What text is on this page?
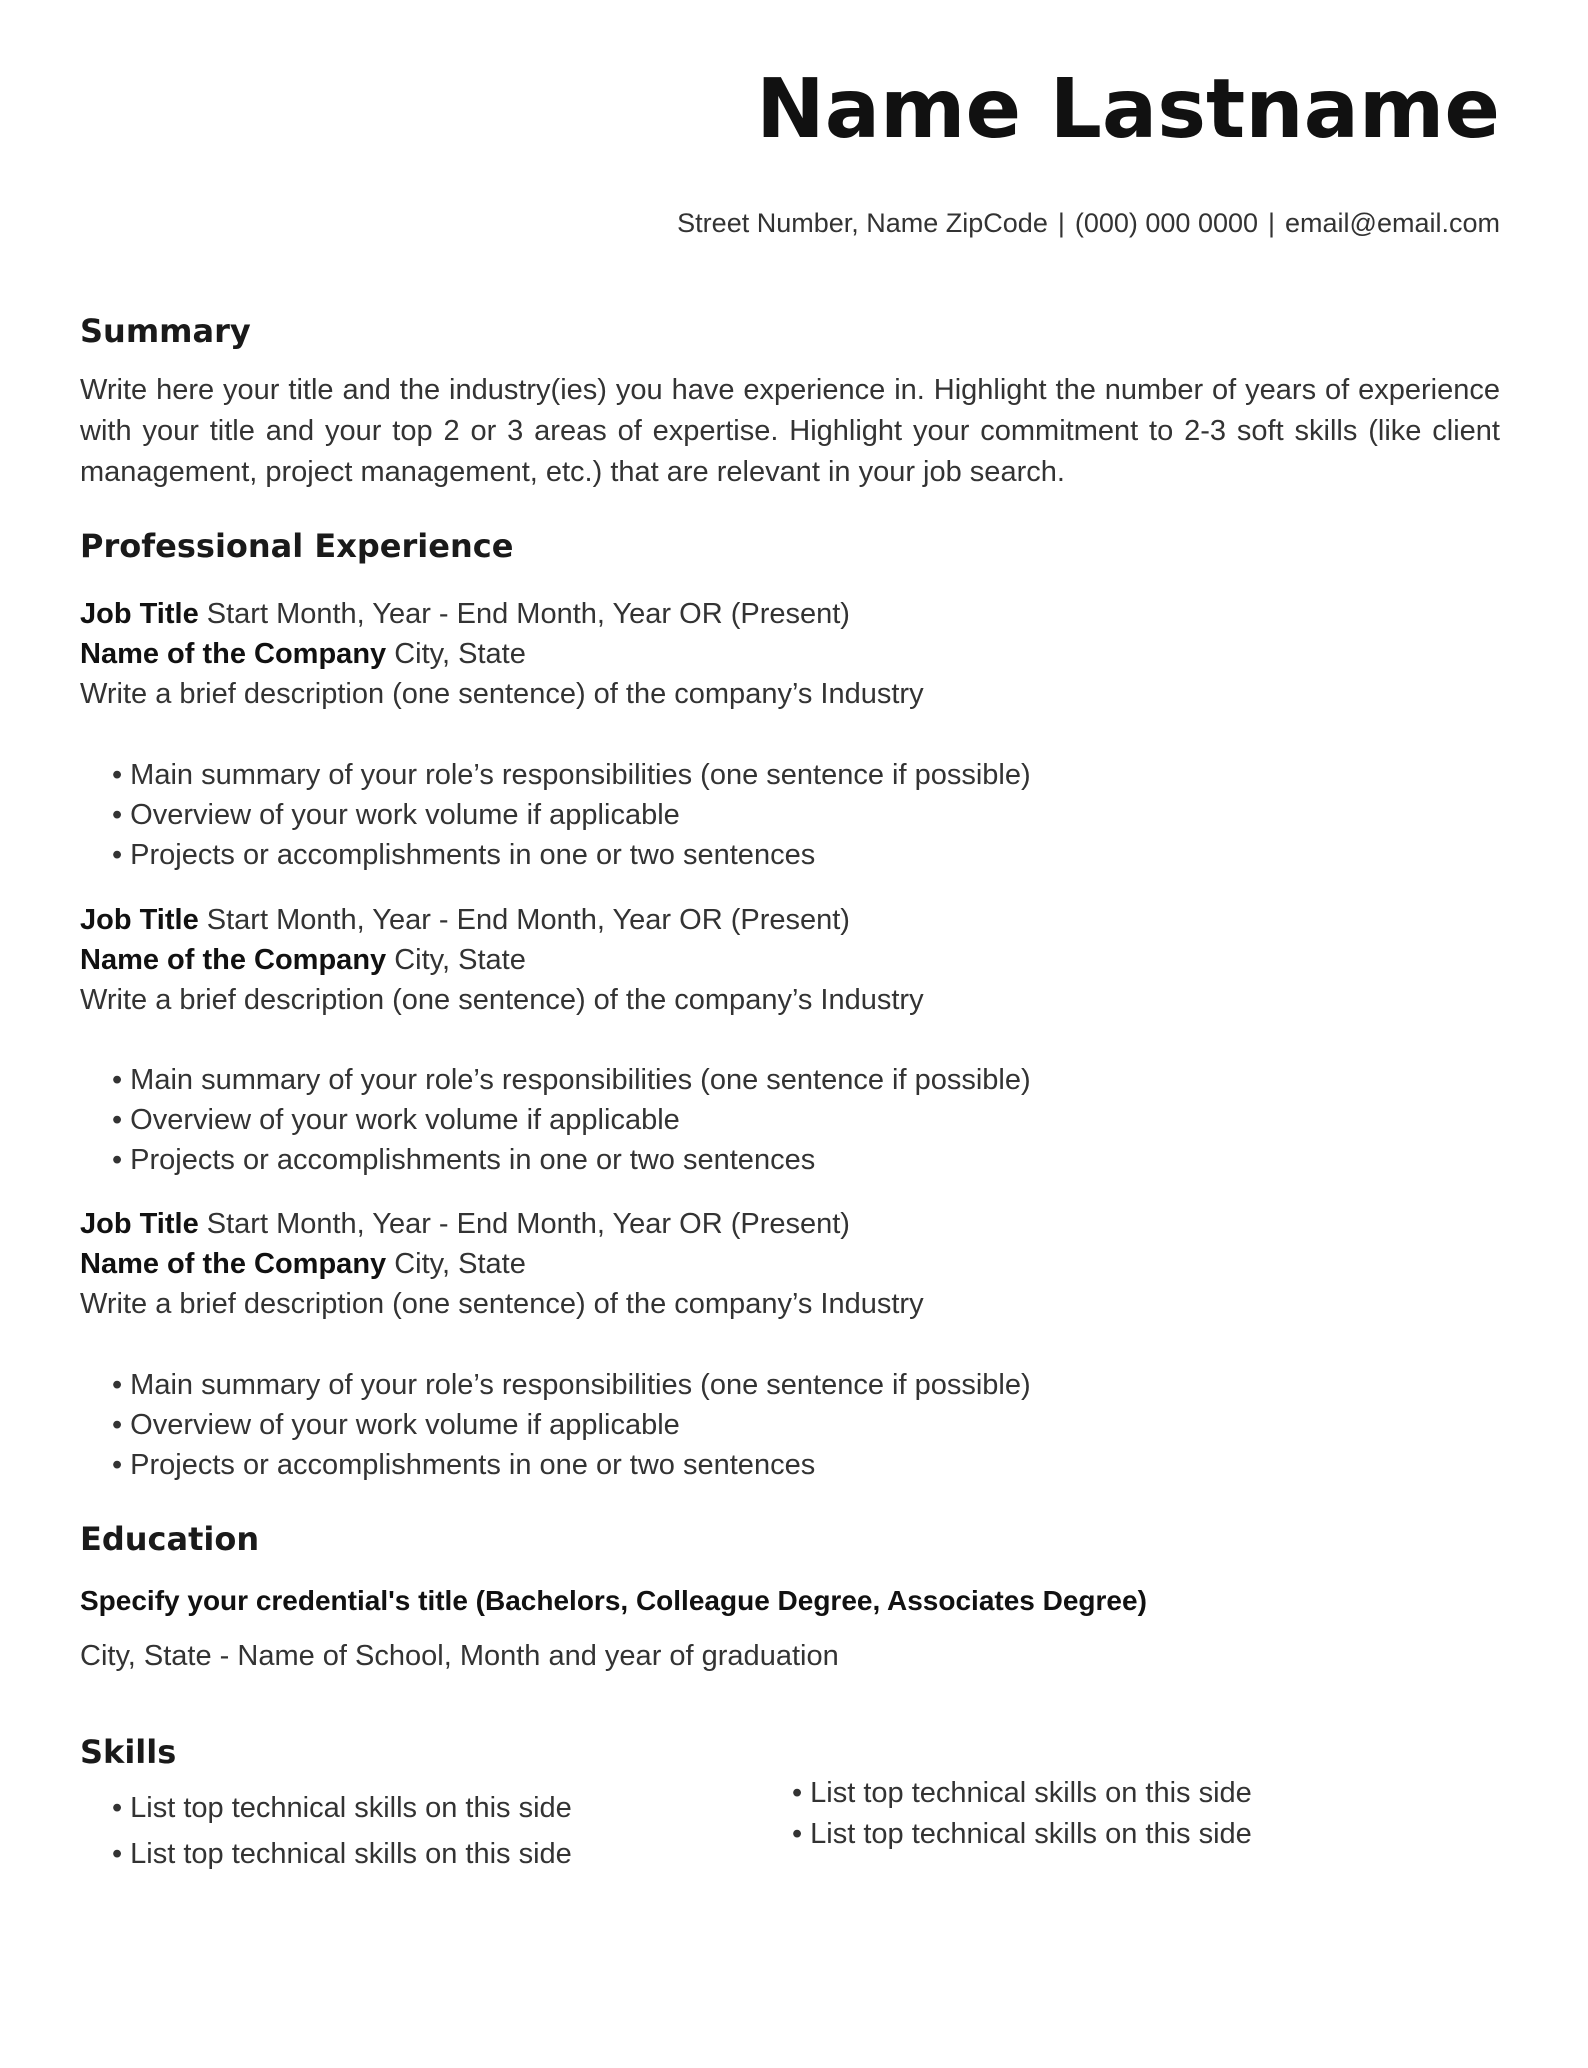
Name Lastname
Street Number, Name ZipCode | (000) 000 0000 | email@email.com
Summary
Write here your title and the industry(ies) you have experience in. Highlight the number of years of experience with your title and your top 2 or 3 areas of expertise. Highlight your commitment to 2-3 soft skills (like client management, project management, etc.) that are relevant in your job search.
Professional Experience
Job Title Start Month, Year - End Month, Year OR (Present)
Name of the Company City, State
Write a brief description (one sentence) of the company’s Industry
• Main summary of your role’s responsibilities (one sentence if possible)
• Overview of your work volume if applicable
• Projects or accomplishments in one or two sentences
Job Title Start Month, Year - End Month, Year OR (Present)
Name of the Company City, State
Write a brief description (one sentence) of the company’s Industry
• Main summary of your role’s responsibilities (one sentence if possible)
• Overview of your work volume if applicable
• Projects or accomplishments in one or two sentences
Job Title Start Month, Year - End Month, Year OR (Present)
Name of the Company City, State
Write a brief description (one sentence) of the company’s Industry
• Main summary of your role’s responsibilities (one sentence if possible)
• Overview of your work volume if applicable
• Projects or accomplishments in one or two sentences
Education
Specify your credential's title (Bachelors, Colleague Degree, Associates Degree)
City, State - Name of School, Month and year of graduation
Skills
• List top technical skills on this side
• List top technical skills on this side
• List top technical skills on this side
• List top technical skills on this side
